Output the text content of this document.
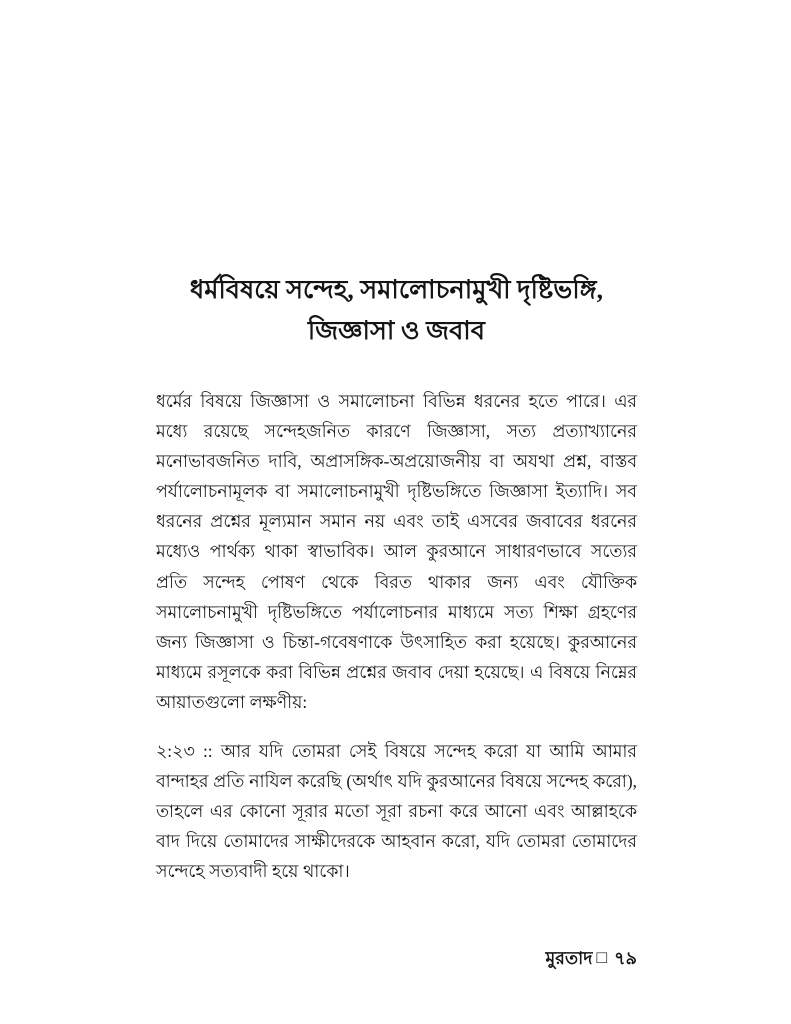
ধর্মবিষয়ে সন্দেহ, সমালোচনামুখী দৃষ্টিভঙ্গি,
জিজ্ঞাসা ও জবাব

ধর্মের বিষয়ে জিজ্ঞাসা ও সমালোচনা বিভিন্ন ধরনের হতে পারে। এর মধ্যে রয়েছে সন্দেহজনিত কারণে জিজ্ঞাসা, সত্য প্রত্যাখ্যানের মনোভাবজনিত দাবি, অপ্রাসঙ্গিক-অপ্রয়োজনীয় বা অযথা প্রশ্ন, বাস্তব পর্যালোচনামূলক বা সমালোচনামুখী দৃষ্টিভঙ্গিতে জিজ্ঞাসা ইত্যাদি। সব ধরনের প্রশ্নের মূল্যমান সমান নয় এবং তাই এসবের জবাবের ধরনের মধ্যেও পার্থক্য থাকা স্বাভাবিক। আল কুরআনে সাধারণভাবে সত্যের প্রতি সন্দেহ পোষণ থেকে বিরত থাকার জন্য এবং যৌক্তিক সমালোচনামুখী দৃষ্টিভঙ্গিতে পর্যালোচনার মাধ্যমে সত্য শিক্ষা গ্রহণের জন্য জিজ্ঞাসা ও চিন্তা-গবেষণাকে উৎসাহিত করা হয়েছে। কুরআনের মাধ্যমে রসূলকে করা বিভিন্ন প্রশ্নের জবাব দেয়া হয়েছে। এ বিষয়ে নিম্নের আয়াতগুলো লক্ষণীয়:

২:২৩ :: আর যদি তোমরা সেই বিষয়ে সন্দেহ করো যা আমি আমার বান্দাহর প্রতি নাযিল করেছি (অর্থাৎ যদি কুরআনের বিষয়ে সন্দেহ করো), তাহলে এর কোনো সূরার মতো সূরা রচনা করে আনো এবং আল্লাহকে বাদ দিয়ে তোমাদের সাক্ষীদেরকে আহবান করো, যদি তোমরা তোমাদের সন্দেহে সত্যবাদী হয়ে থাকো।

মুরতাদ □ ৭৯
